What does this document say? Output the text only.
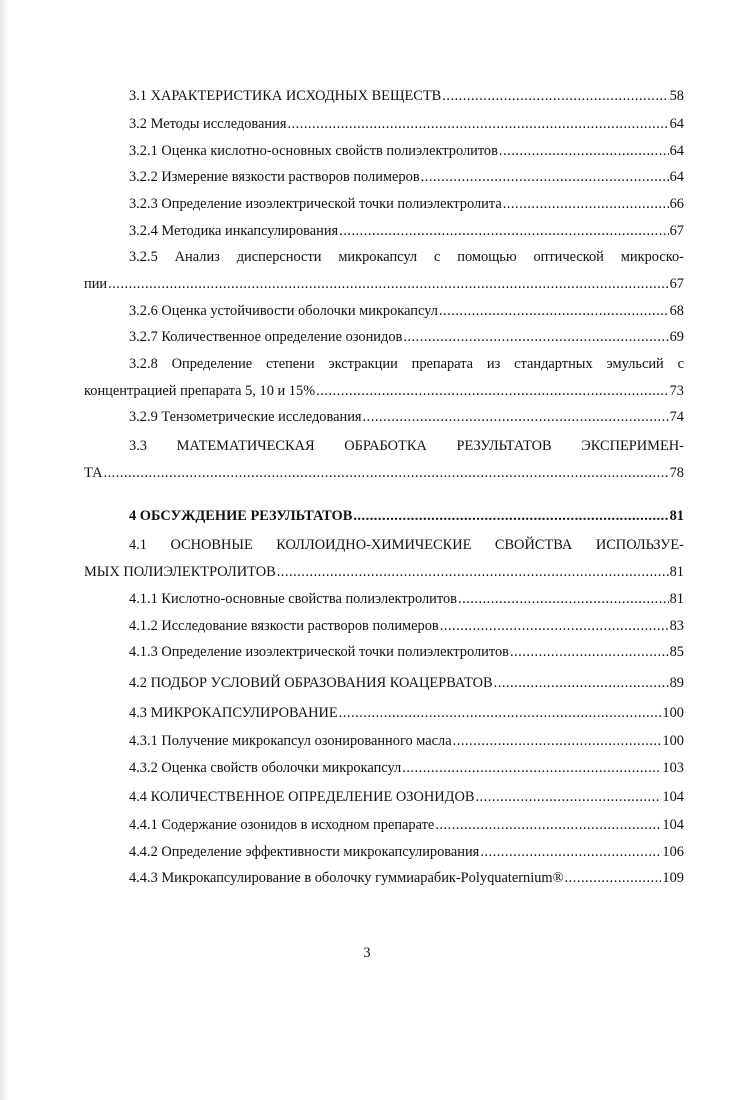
3.1 ХАРАКТЕРИСТИКА ИСХОДНЫХ ВЕЩЕСТВ .....	58
3.2 Методы исследования .....	64
3.2.1 Оценка кислотно-основных свойств полиэлектролитов .....	64
3.2.2 Измерение вязкости растворов полимеров .....	64
3.2.3 Определение изоэлектрической точки полиэлектролита .....	66
3.2.4 Методика инкапсулирования .....	67
3.2.5 Анализ дисперсности микрокапсул с помощью оптической микроско-
пии .....	67
3.2.6 Оценка устойчивости оболочки микрокапсул .....	68
3.2.7 Количественное определение озонидов .....	69
3.2.8 Определение степени экстракции препарата из стандартных эмульсий с
концентрацией препарата 5, 10 и 15% .....	73
3.2.9 Тензометрические исследования .....	74
3.3 МАТЕМАТИЧЕСКАЯ ОБРАБОТКА РЕЗУЛЬТАТОВ ЭКСПЕРИМЕН-
ТА .....	78
4 ОБСУЖДЕНИЕ РЕЗУЛЬТАТОВ .....	81
4.1 ОСНОВНЫЕ КОЛЛОИДНО-ХИМИЧЕСКИЕ СВОЙСТВА ИСПОЛЬЗУЕ-
МЫХ ПОЛИЭЛЕКТРОЛИТОВ .....	81
4.1.1 Кислотно-основные свойства полиэлектролитов .....	81
4.1.2 Исследование вязкости растворов полимеров .....	83
4.1.3 Определение изоэлектрической точки полиэлектролитов .....	85
4.2 ПОДБОР УСЛОВИЙ ОБРАЗОВАНИЯ КОАЦЕРВАТОВ .....	89
4.3 МИКРОКАПСУЛИРОВАНИЕ .....	100
4.3.1 Получение микрокапсул озонированного масла .....	100
4.3.2 Оценка свойств оболочки микрокапсул .....	103
4.4 КОЛИЧЕСТВЕННОЕ ОПРЕДЕЛЕНИЕ ОЗОНИДОВ .....	104
4.4.1 Содержание озонидов в исходном препарате .....	104
4.4.2 Определение эффективности микрокапсулирования .....	106
4.4.3 Микрокапсулирование в оболочку гуммиарабик-Polyquaternium® .....	109
3
